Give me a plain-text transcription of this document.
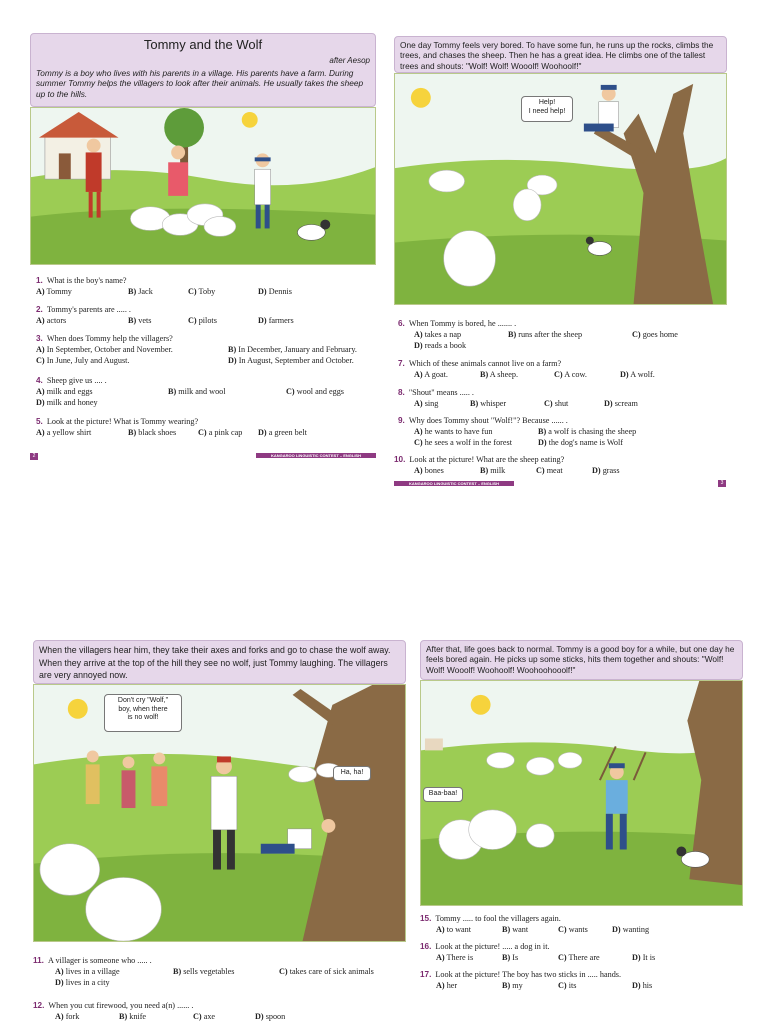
Tommy and the Wolf
after Aesop
Tommy is a boy who lives with his parents in a village. His parents have a farm. During summer Tommy helps the villagers to look after their animals. He usually takes the sheep up to the hills.
1. What is the boy's name?
A) Tommy	B) Jack	C) Toby	D) Dennis
2. Tommy's parents are ..... .
A) actors	B) vets	C) pilots	D) farmers
3. When does Tommy help the villagers?
A) In September, October and November.	B) In December, January and February.
C) In June, July and August.	D) In August, September and October.
4. Sheep give us .... .
A) milk and eggs	B) milk and wool	C) wool and eggs
D) milk and honey
5. Look at the picture! What is Tommy wearing?
A) a yellow shirt	B) black shoes	C) a pink cap D) a green belt
2	KANGAROO LINGUISTIC CONTEST – ENGLISH
One day Tommy feels very bored. To have some fun, he runs up the rocks, climbs the trees, and chases the sheep. Then he has a great idea. He climbs one of the tallest trees and shouts: "Wolf! Wolf! Wooolf! Woohoolf!"
Help!
I need help!
6. When Tommy is bored, he ....... .
A) takes a nap	B) runs after the sheep	C) goes home
D) reads a book
7. Which of these animals cannot live on a farm?
A) A goat.	B) A sheep.	C) A cow.	D) A wolf.
8. "Shout" means ..... .
A) sing	B) whisper	C) shut	D) scream
9. Why does Tommy shout "Wolf!"? Because ...... .
A) he wants to have fun	B) a wolf is chasing the sheep
C) he sees a wolf in the forest	D) the dog's name is Wolf
10. Look at the picture! What are the sheep eating?
A) bones	B) milk	C) meat	D) grass
KANGAROO LINGUISTIC CONTEST – ENGLISH	3
When the villagers hear him, they take their axes and forks and go to chase the wolf away. When they arrive at the top of the hill they see no wolf, just Tommy laughing. The villagers are very annoyed now.
Don't cry "Wolf,"
boy, when there
is no wolf!
Ha, ha!
11. A villager is someone who ..... .
A) lives in a village	B) sells vegetables	C) takes care of sick animals
D) lives in a city
12. When you cut firewood, you need a(n) ...... .
A) fork	B) knife	C) axe	D) spoon
After that, life goes back to normal. Tommy is a good boy for a while, but one day he feels bored again. He picks up some sticks, hits them together and shouts: "Wolf! Wolf! Wooolf! Woohoolf! Woohoohooolf!"
Baa-baa!
15. Tommy ..... to fool the villagers again.
A) to want	B) want	C) wants	D) wanting
16. Look at the picture! ..... a dog in it.
A) There is	B) Is	C) There are	D) It is
17. Look at the picture! The boy has two sticks in ..... hands.
A) her	B) my	C) its	D) his
